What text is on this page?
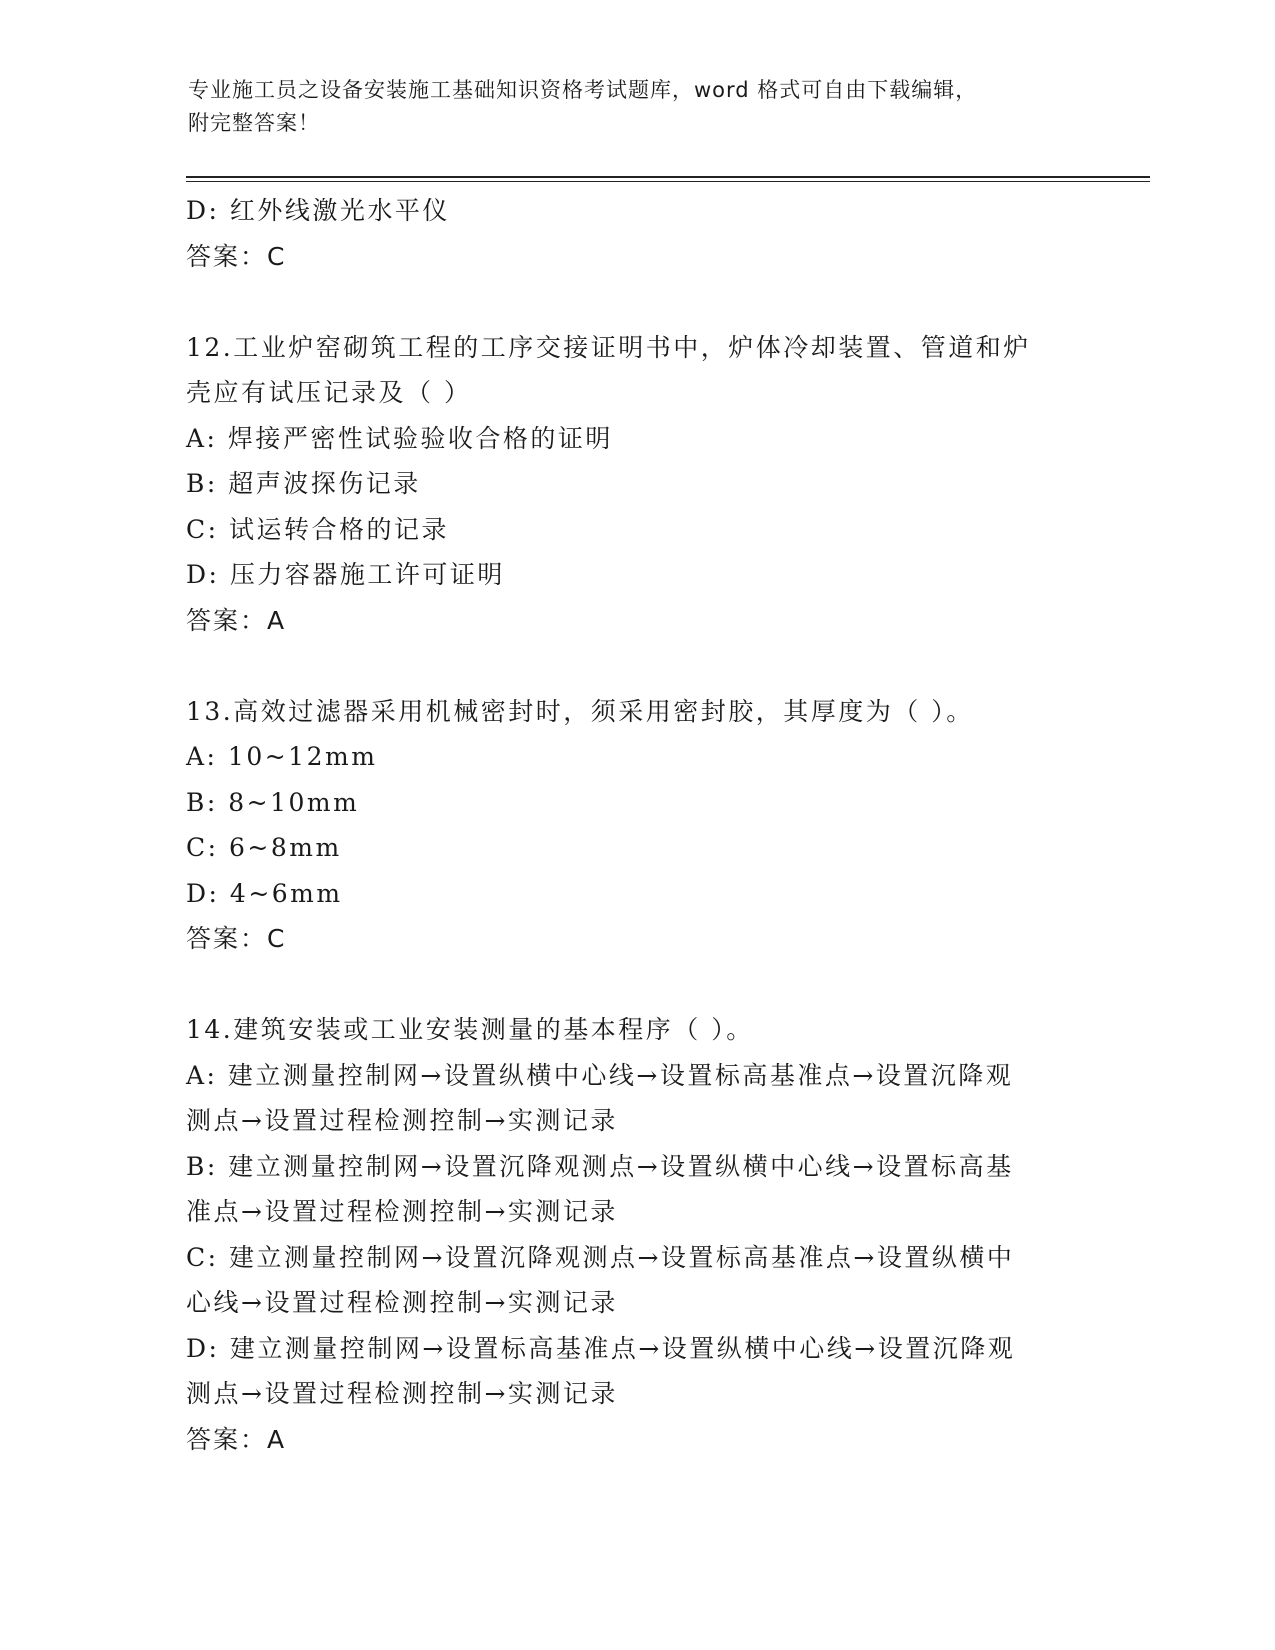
专业施工员之设备安装施工基础知识资格考试题库，word 格式可自由下载编辑，
附完整答案！
D: 红外线激光水平仪
答案：C
12.工业炉窑砌筑工程的工序交接证明书中，炉体冷却装置、管道和炉
壳应有试压记录及（ ）
A: 焊接严密性试验验收合格的证明
B: 超声波探伤记录
C: 试运转合格的记录
D: 压力容器施工许可证明
答案：A
13.高效过滤器采用机械密封时，须采用密封胶，其厚度为（ ）。
A: 10~12mm
B: 8~10mm
C: 6~8mm
D: 4~6mm
答案：C
14.建筑安装或工业安装测量的基本程序（ ）。
A: 建立测量控制网→设置纵横中心线→设置标高基准点→设置沉降观
测点→设置过程检测控制→实测记录
B: 建立测量控制网→设置沉降观测点→设置纵横中心线→设置标高基
准点→设置过程检测控制→实测记录
C: 建立测量控制网→设置沉降观测点→设置标高基准点→设置纵横中
心线→设置过程检测控制→实测记录
D: 建立测量控制网→设置标高基准点→设置纵横中心线→设置沉降观
测点→设置过程检测控制→实测记录
答案：A
